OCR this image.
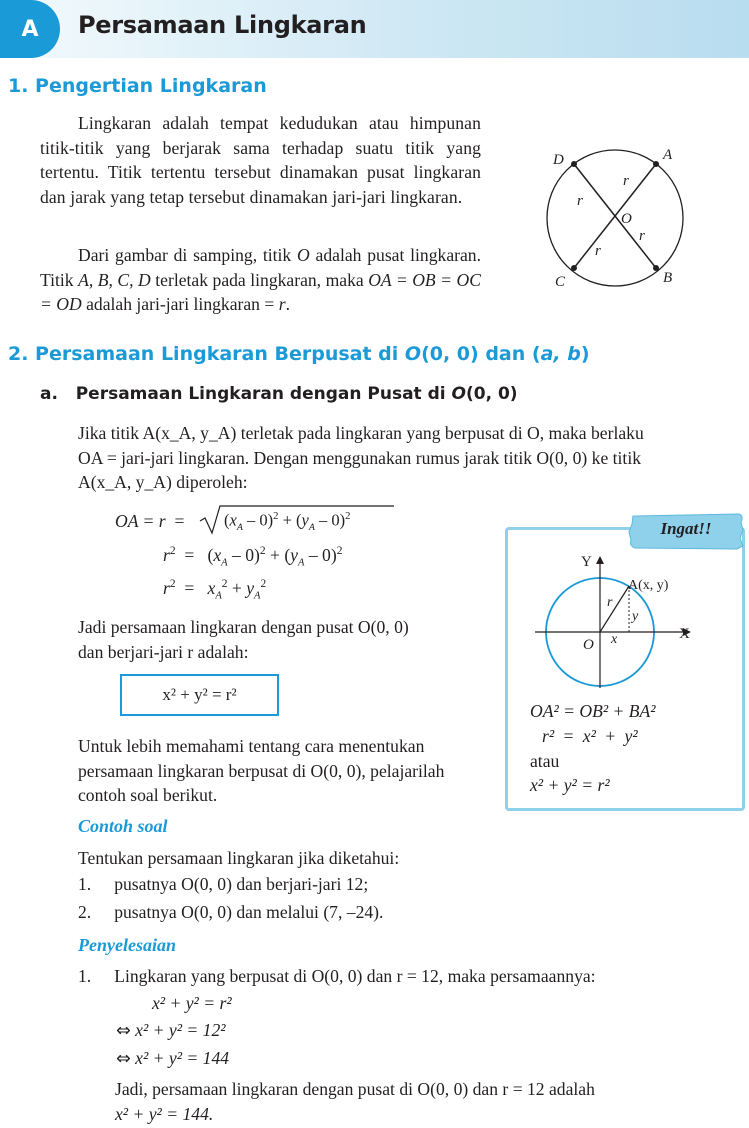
A	Persamaan Lingkaran
1. Pengertian Lingkaran
Lingkaran adalah tempat kedudukan atau himpunan titik-titik yang berjarak sama terhadap suatu titik yang tertentu. Titik tertentu tersebut dinamakan pusat lingkaran dan jarak yang tetap tersebut dinamakan jari-jari lingkaran.
Dari gambar di samping, titik O adalah pusat lingkaran. Titik A, B, C, D terletak pada lingkaran, maka OA = OB = OC = OD adalah jari-jari lingkaran = r.
D	A
C	B
O
r
r
r
r
2. Persamaan Lingkaran Berpusat di O(0, 0) dan (a, b)
a. Persamaan Lingkaran dengan Pusat di O(0, 0)
Jika titik A(x_A, y_A) terletak pada lingkaran yang berpusat di O, maka berlaku
OA = jari-jari lingkaran. Dengan menggunakan rumus jarak titik O(0, 0) ke titik
A(x_A, y_A) diperoleh:
OA = $r = (x_A - 0)^2 + (y_A - 0)^2$
$r^2 = (x_A - 0)^2 + (y_A - 0)^2$
$r^2 = x_A^2 + y_A^2$
Jadi persamaan lingkaran dengan pusat O(0, 0)
dan berjari-jari r adalah:
x² + y² = r²
Untuk lebih memahami tentang cara menentukan
persamaan lingkaran berpusat di O(0, 0), pelajarilah
contoh soal berikut.
Ingat!!
Y
X
O
A(x, y)
r
x
y
OA² = OB² + BA²
r² = x² + y²
atau
x² + y² = r²
Contoh soal
Tentukan persamaan lingkaran jika diketahui:
1. pusatnya O(0, 0) dan berjari-jari 12;
2. pusatnya O(0, 0) dan melalui (7, –24).
Penyelesaian
1. Lingkaran yang berpusat di O(0, 0) dan r = 12, maka persamaannya:
x² + y² = r²
⇔ x² + y² = 12²
⇔ x² + y² = 144
Jadi, persamaan lingkaran dengan pusat di O(0, 0) dan r = 12 adalah
x² + y² = 144.
